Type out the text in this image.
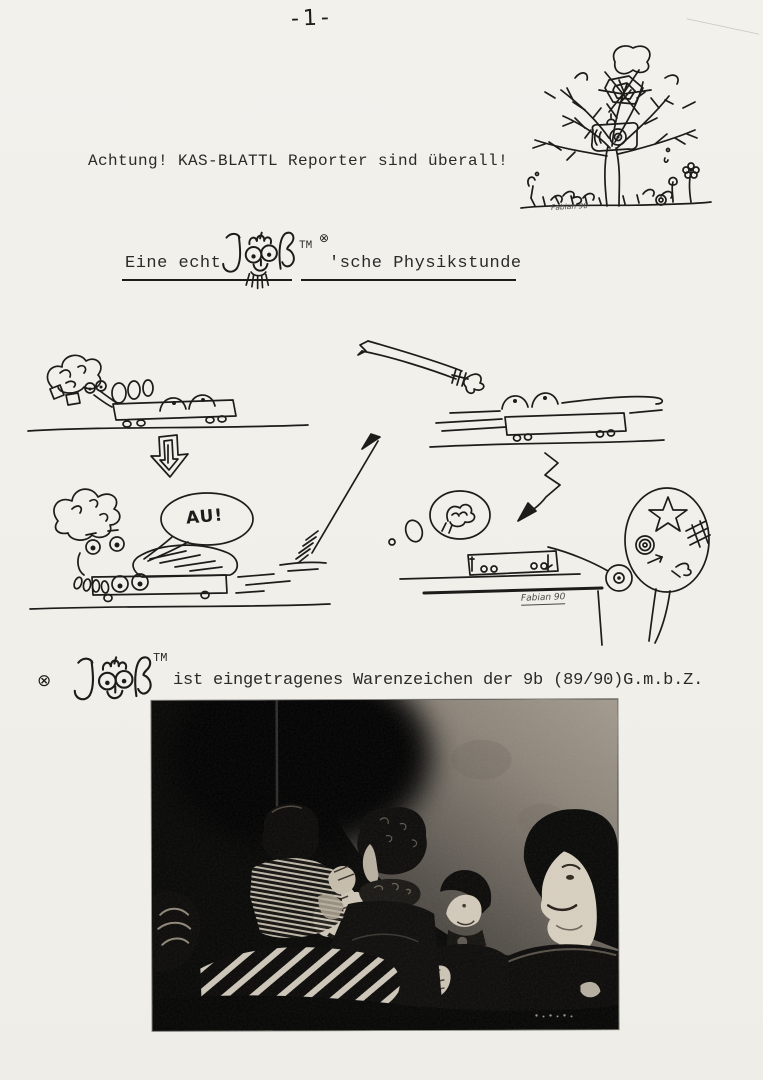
-1-
Fabian 90
Achtung! KAS-BLATTL Reporter sind überall!
Eine echt
TM
⊗
'sche Physikstunde
AU!
Fabian 90
⊗
TM
ist eingetragenes Warenzeichen der 9b (89/90)G.m.b.Z.
